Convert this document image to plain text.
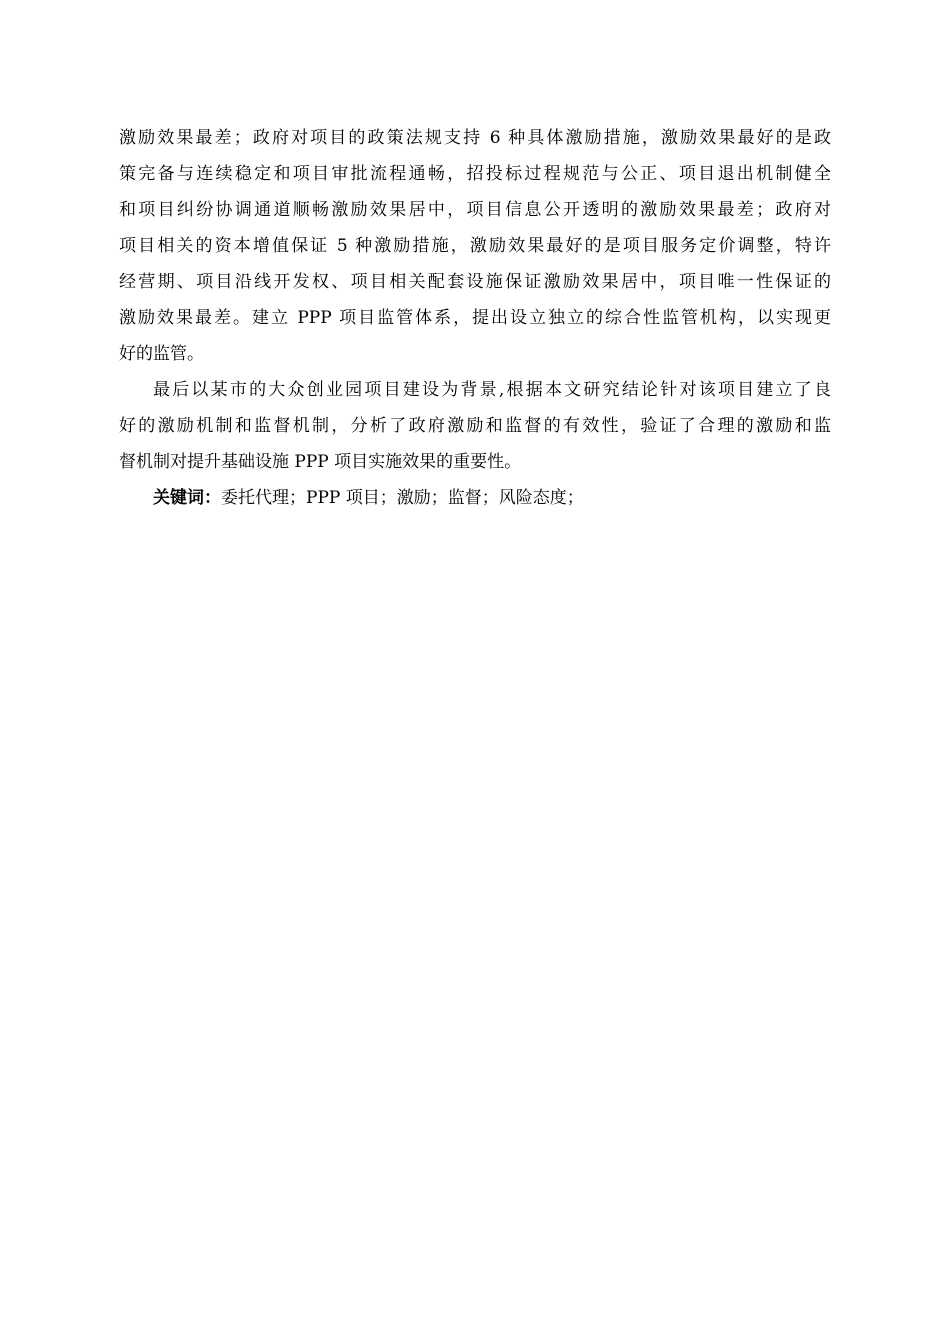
激励效果最差；政府对项目的政策法规支持 6 种具体激励措施，激励效果最好的是政
策完备与连续稳定和项目审批流程通畅，招投标过程规范与公正、项目退出机制健全
和项目纠纷协调通道顺畅激励效果居中，项目信息公开透明的激励效果最差；政府对
项目相关的资本增值保证 5 种激励措施，激励效果最好的是项目服务定价调整，特许
经营期、项目沿线开发权、项目相关配套设施保证激励效果居中，项目唯一性保证的
激励效果最差。建立 PPP 项目监管体系，提出设立独立的综合性监管机构，以实现更
好的监管。
最后以某市的大众创业园项目建设为背景,根据本文研究结论针对该项目建立了良
好的激励机制和监督机制，分析了政府激励和监督的有效性，验证了合理的激励和监
督机制对提升基础设施 PPP 项目实施效果的重要性。
关键词：委托代理；PPP 项目；激励；监督；风险态度；
